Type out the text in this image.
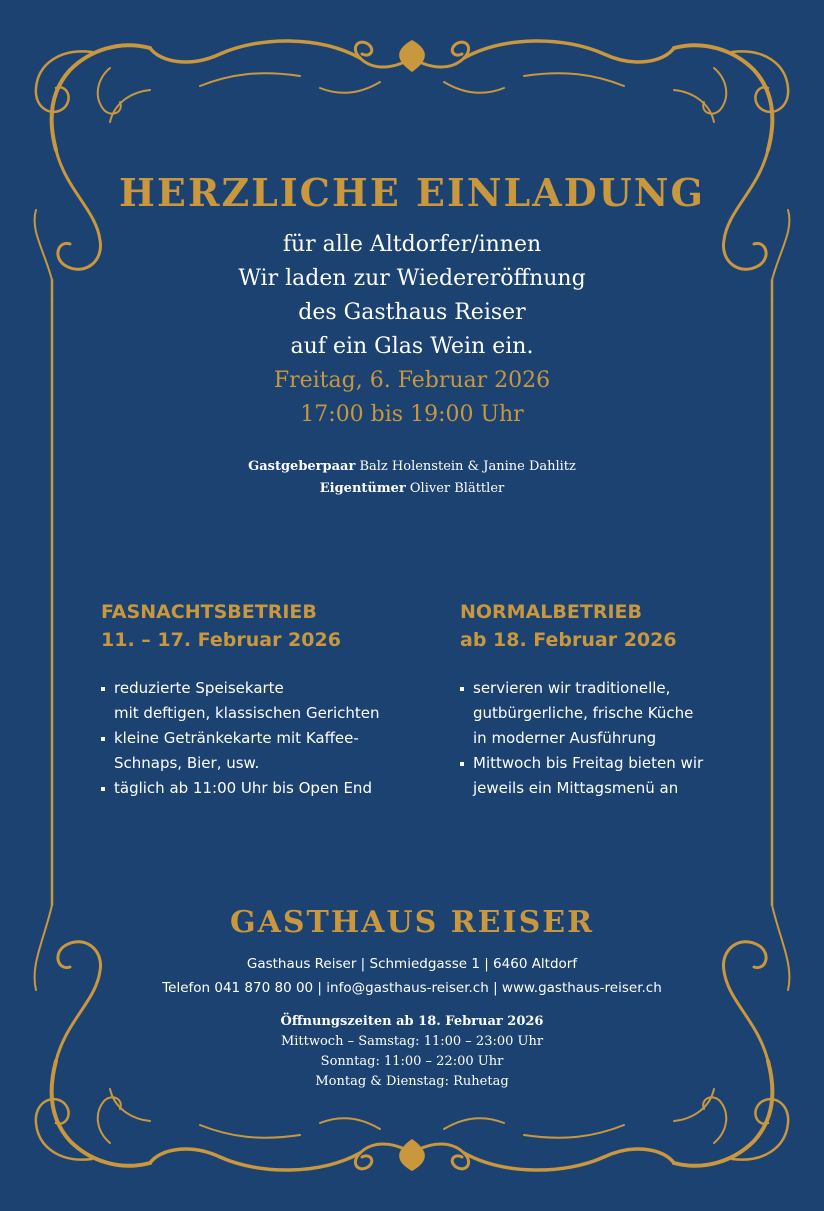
HERZLICHE EINLADUNG
für alle Altdorfer/innen
Wir laden zur Wiedereröffnung
des Gasthaus Reiser
auf ein Glas Wein ein.
Freitag, 6. Februar 2026
17:00 bis 19:00 Uhr
Gastgeberpaar Balz Holenstein & Janine Dahlitz
Eigentümer Oliver Blättler
FASNACHTSBETRIEB
11. – 17. Februar 2026
reduzierte Speisekarte
mit deftigen, klassischen Gerichten
kleine Getränkekarte mit Kaffee-
Schnaps, Bier, usw.
täglich ab 11:00 Uhr bis Open End
NORMALBETRIEB
ab 18. Februar 2026
servieren wir traditionelle,
gutbürgerliche, frische Küche
in moderner Ausführung
Mittwoch bis Freitag bieten wir
jeweils ein Mittagsmenü an
GASTHAUS REISER
Gasthaus Reiser | Schmiedgasse 1 | 6460 Altdorf
Telefon 041 870 80 00 | info@gasthaus-reiser.ch | www.gasthaus-reiser.ch
Öffnungszeiten ab 18. Februar 2026
Mittwoch – Samstag: 11:00 – 23:00 Uhr
Sonntag: 11:00 – 22:00 Uhr
Montag & Dienstag: Ruhetag
